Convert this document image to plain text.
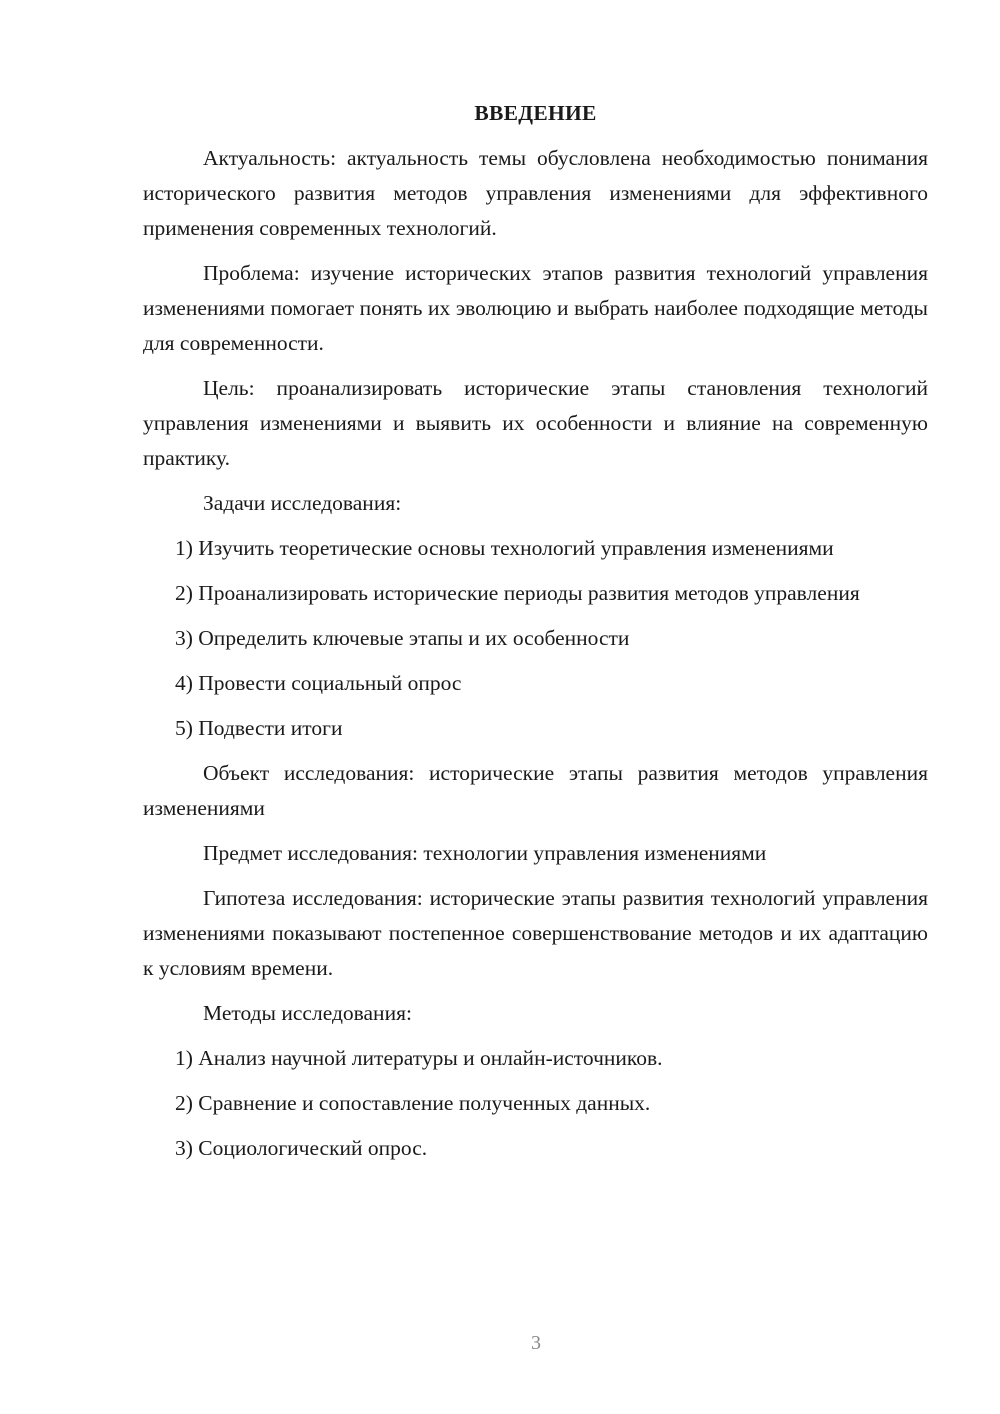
ВВЕДЕНИЕ

Актуальность: актуальность темы обусловлена необходимостью понимания исторического развития методов управления изменениями для эффективного применения современных технологий.

Проблема: изучение исторических этапов развития технологий управления изменениями помогает понять их эволюцию и выбрать наиболее подходящие методы для современности.

Цель: проанализировать исторические этапы становления технологий управления изменениями и выявить их особенности и влияние на современную практику.

Задачи исследования:

1) Изучить теоретические основы технологий управления изменениями

2) Проанализировать исторические периоды развития методов управления

3) Определить ключевые этапы и их особенности

4) Провести социальный опрос

5) Подвести итоги

Объект исследования: исторические этапы развития методов управления изменениями

Предмет исследования: технологии управления изменениями

Гипотеза исследования: исторические этапы развития технологий управления изменениями показывают постепенное совершенствование методов и их адаптацию к условиям времени.

Методы исследования:

1) Анализ научной литературы и онлайн-источников.

2) Сравнение и сопоставление полученных данных.

3) Социологический опрос.

3
